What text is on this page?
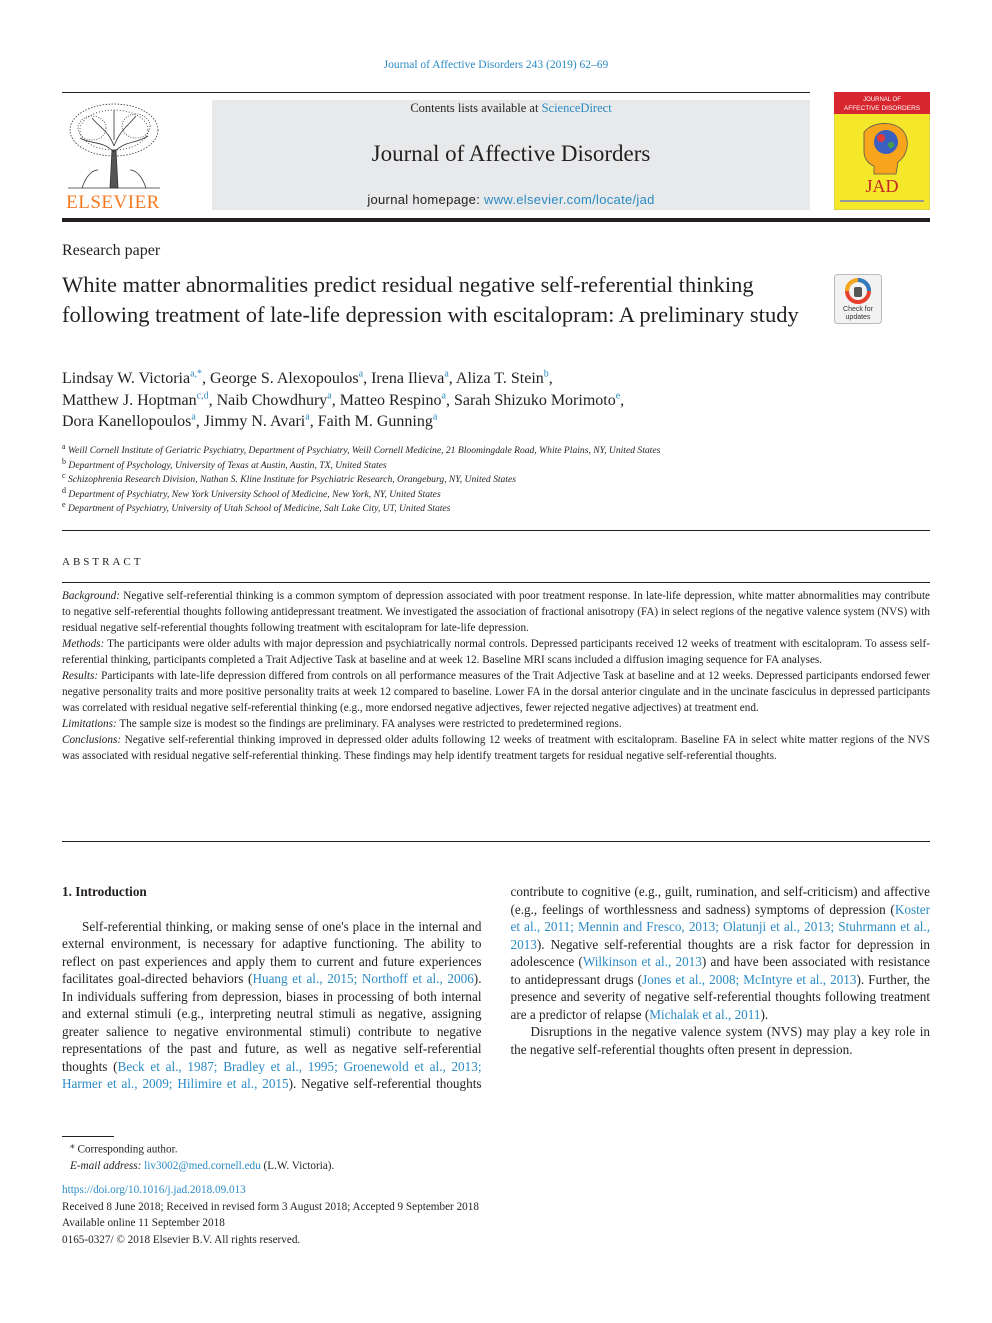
Journal of Affective Disorders 243 (2019) 62–69
ELSEVIER
Contents lists available at ScienceDirect
Journal of Affective Disorders
journal homepage: www.elsevier.com/locate/jad
JOURNAL OF
AFFECTIVE DISORDERS
JAD
Research paper
White matter abnormalities predict residual negative self-referential thinking following treatment of late-life depression with escitalopram: A preliminary study	Check for
updates
Lindsay W. Victoria$^{a,*}$, George S. Alexopoulos$^a$, Irena Ilieva$^a$, Aliza T. Stein$^b$,
Matthew J. Hoptman$^{c,d}$, Naib Chowdhury$^a$, Matteo Respino$^a$, Sarah Shizuko Morimoto$^e$,
Dora Kanellopoulos$^a$, Jimmy N. Avari$^a$, Faith M. Gunning$^a$
$^a$ Weill Cornell Institute of Geriatric Psychiatry, Department of Psychiatry, Weill Cornell Medicine, 21 Bloomingdale Road, White Plains, NY, United States
$^b$ Department of Psychology, University of Texas at Austin, Austin, TX, United States
$^c$ Schizophrenia Research Division, Nathan S. Kline Institute for Psychiatric Research, Orangeburg, NY, United States
$^d$ Department of Psychiatry, New York University School of Medicine, New York, NY, United States
$^e$ Department of Psychiatry, University of Utah School of Medicine, Salt Lake City, UT, United States
ABSTRACT

Background: Negative self-referential thinking is a common symptom of depression associated with poor treatment response. In late-life depression, white matter abnormalities may contribute to negative self-referential thoughts following antidepressant treatment. We investigated the association of fractional anisotropy (FA) in select regions of the negative valence system (NVS) with residual negative self-referential thoughts following treatment with escitalopram for late-life depression.

Methods: The participants were older adults with major depression and psychiatrically normal controls. Depressed participants received 12 weeks of treatment with escitalopram. To assess self-referential thinking, participants completed a Trait Adjective Task at baseline and at week 12. Baseline MRI scans included a diffusion imaging sequence for FA analyses.

Results: Participants with late-life depression differed from controls on all performance measures of the Trait Adjective Task at baseline and at 12 weeks. Depressed participants endorsed fewer negative personality traits and more positive personality traits at week 12 compared to baseline. Lower FA in the dorsal anterior cingulate and in the uncinate fasciculus in depressed participants was correlated with residual negative self-referential thinking (e.g., more endorsed negative adjectives, fewer rejected negative adjectives) at treatment end.

Limitations: The sample size is modest so the findings are preliminary. FA analyses were restricted to predetermined regions.

Conclusions: Negative self-referential thinking improved in depressed older adults following 12 weeks of treatment with escitalopram. Baseline FA in select white matter regions of the NVS was associated with residual negative self-referential thinking. These findings may help identify treatment targets for residual negative self-referential thoughts.

1. Introduction

Self-referential thinking, or making sense of one's place in the internal and external environment, is necessary for adaptive functioning. The ability to reflect on past experiences and apply them to current and future experiences facilitates goal-directed behaviors (Huang et al., 2015; Northoff et al., 2006). In individuals suffering from depression, biases in processing of both internal and external stimuli (e.g., interpreting neutral stimuli as negative, assigning greater salience to negative environmental stimuli) contribute to negative representations of the past and future, as well as negative self-referential thoughts (Beck et al., 1987; Bradley et al., 1995; Groenewold et al., 2013; Harmer et al., 2009; Hilimire et al., 2015). Negative self-referential thoughts contribute to cognitive (e.g., guilt, rumination, and self-criticism) and affective (e.g., feelings of worthlessness and sadness) symptoms of depression (Koster et al., 2011; Mennin and Fresco, 2013; Olatunji et al., 2013; Stuhrmann et al., 2013). Negative self-referential thoughts are a risk factor for depression in adolescence (Wilkinson et al., 2013) and have been associated with resistance to antidepressant drugs (Jones et al., 2008; McIntyre et al., 2013). Further, the presence and severity of negative self-referential thoughts following treatment are a predictor of relapse (Michalak et al., 2011).

Disruptions in the negative valence system (NVS) may play a key role in the negative self-referential thoughts often present in depression.

⁎ Corresponding author.
E-mail address: liv3002@med.cornell.edu (L.W. Victoria).
https://doi.org/10.1016/j.jad.2018.09.013
Received 8 June 2018; Received in revised form 3 August 2018; Accepted 9 September 2018
Available online 11 September 2018
0165-0327/ © 2018 Elsevier B.V. All rights reserved.
